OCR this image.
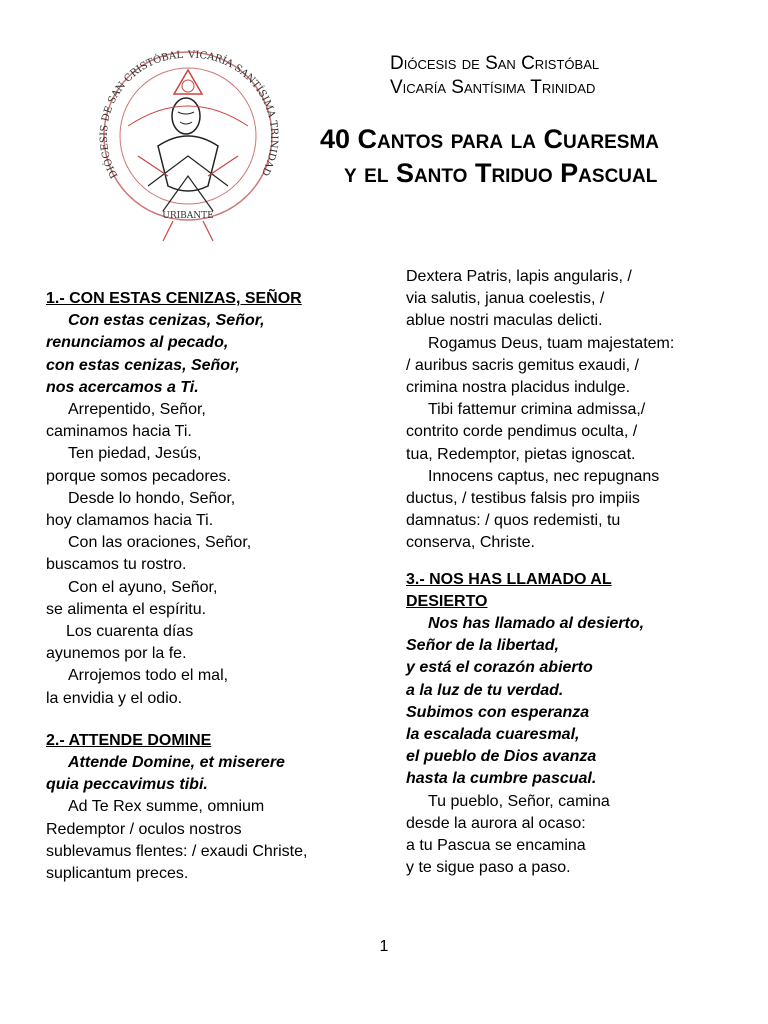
DIÓCESIS DE SAN CRISTÓBAL VICARÍA SANTÍSIMA TRINIDAD
URIBANTE
Diócesis de San Cristóbal
Vicaría Santísima Trinidad
40 Cantos para la Cuaresma
y el Santo Triduo Pascual
1.- CON ESTAS CENIZAS, SEÑOR
Con estas cenizas, Señor,
renunciamos al pecado,
con estas cenizas, Señor,
nos acercamos a Ti.
Arrepentido, Señor,
caminamos hacia Ti.
Ten piedad, Jesús,
porque somos pecadores.
Desde lo hondo, Señor,
hoy clamamos hacia Ti.
Con las oraciones, Señor,
buscamos tu rostro.
Con el ayuno, Señor,
se alimenta el espíritu.
Los cuarenta días
ayunemos por la fe.
Arrojemos todo el mal,
la envidia y el odio.
2.- ATTENDE DOMINE
Attende Domine, et miserere
quia peccavimus tibi.
Ad Te Rex summe, omnium
Redemptor / oculos nostros
sublevamus flentes: / exaudi Christe,
suplicantum preces.
Dextera Patris, lapis angularis, /
via salutis, janua coelestis, /
ablue nostri maculas delicti.
Rogamus Deus, tuam majestatem:
/ auribus sacris gemitus exaudi, /
crimina nostra placidus indulge.
Tibi fattemur crimina admissa,/
contrito corde pendimus oculta, /
tua, Redemptor, pietas ignoscat.
Innocens captus, nec repugnans
ductus, / testibus falsis pro impiis
damnatus: / quos redemisti, tu
conserva, Christe.
3.- NOS HAS LLAMADO AL
DESIERTO
Nos has llamado al desierto,
Señor de la libertad,
y está el corazón abierto
a la luz de tu verdad.
Subimos con esperanza
la escalada cuaresmal,
el pueblo de Dios avanza
hasta la cumbre pascual.
Tu pueblo, Señor, camina
desde la aurora al ocaso:
a tu Pascua se encamina
y te sigue paso a paso.
1
